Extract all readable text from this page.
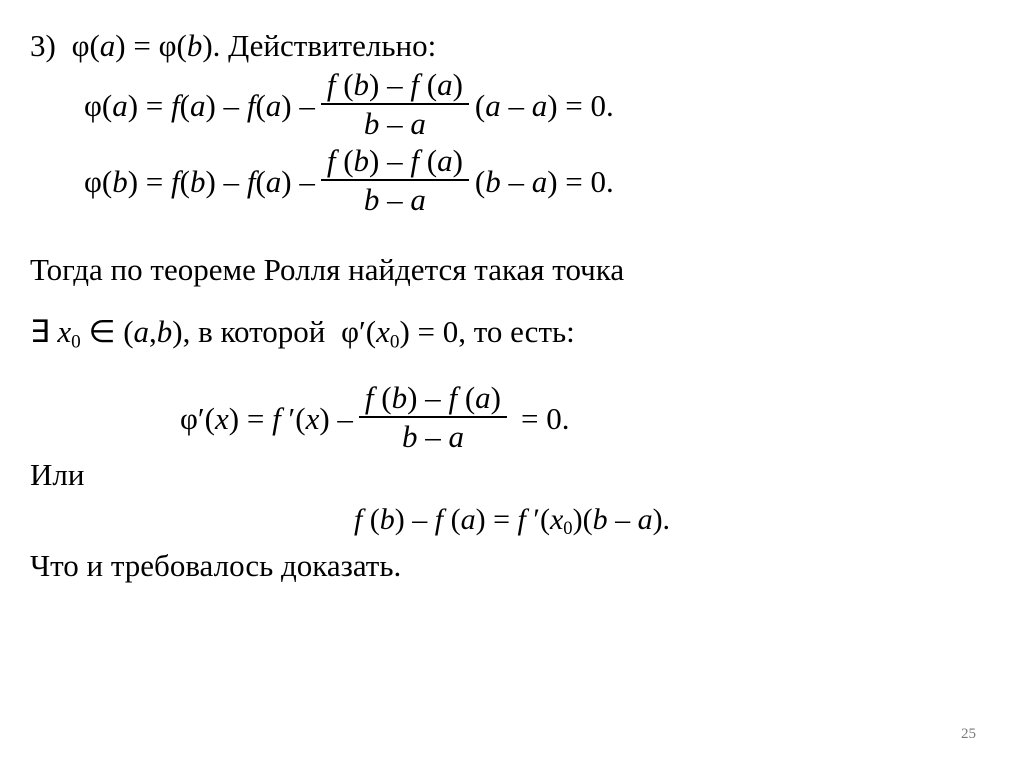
3) φ(a) = φ(b). Действительно:
$\varphi(a) = f(a) - f(a) - \frac{f (b) - f (a)}{b - a} (a - a) = 0$.
$\varphi(b) = f(b) - f(a) - \frac{f (b) - f (a)}{b - a} (b - a) = 0$.
Тогда по теореме Ролля найдется такая точка
∃ $x_0$ ∈ (a,b), в которой $\varphi'(x_0) = 0$, то есть:
φ′(x) = f $'(x) - \frac{f (b) - f (a)}{b - a} = 0$.
Или
f (b) – f (a) = f $'(x_0)(b - a)$.
Что и требовалось доказать.
25
